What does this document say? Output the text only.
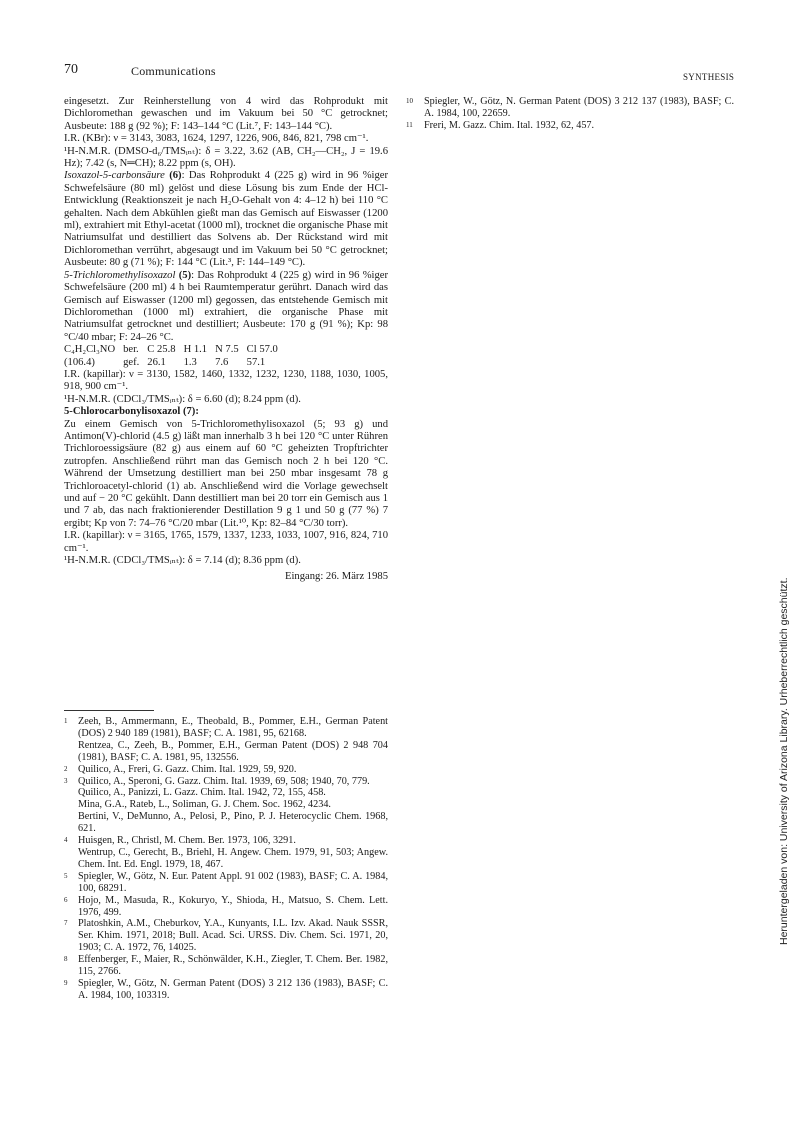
70	Communications	SYNTHESIS

eingesetzt. Zur Reinherstellung von 4 wird das Rohprodukt mit Dichloromethan gewaschen und im Vakuum bei 50 °C getrocknet; Ausbeute: 188 g (92 %); F: 143–144 °C (Lit.⁷, F: 143–144 °C).

I.R. (KBr): ν = 3143, 3083, 1624, 1297, 1226, 906, 846, 821, 798 cm⁻¹.

¹H-N.M.R. (DMSO-d₆/TMSᵢₙₜ): δ = 3.22, 3.62 (AB, CH₂—CH₂, J = 19.6 Hz); 7.42 (s, N═CH); 8.22 ppm (s, OH).

Isoxazol-5-carbonsäure (6): Das Rohprodukt 4 (225 g) wird in 96 %iger Schwefelsäure (80 ml) gelöst und diese Lösung bis zum Ende der HCl-Entwicklung (Reaktionszeit je nach H₂O-Gehalt von 4: 4–12 h) bei 110 °C gehalten. Nach dem Abkühlen gießt man das Gemisch auf Eiswasser (1200 ml), extrahiert mit Ethyl-acetat (1000 ml), trocknet die organische Phase mit Natriumsulfat und destilliert das Solvens ab. Der Rückstand wird mit Dichloromethan verrührt, abgesaugt und im Vakuum bei 50 °C getrocknet; Ausbeute: 80 g (71 %); F: 144 °C (Lit.³, F: 144–149 °C).

5-Trichloromethylisoxazol (5): Das Rohprodukt 4 (225 g) wird in 96 %iger Schwefelsäure (200 ml) 4 h bei Raumtemperatur gerührt. Danach wird das Gemisch auf Eiswasser (1200 ml) gegossen, das entstehende Gemisch mit Dichloromethan (1000 ml) extrahiert, die organische Phase mit Natriumsulfat getrocknet und destilliert; Ausbeute: 170 g (91 %); Kp: 98 °C/40 mbar; F: 24–26 °C.

C₄H₂Cl₃NO	ber.	C 25.8	H 1.1	N 7.5	Cl 57.0
(106.4)	gef.	26.1	1.3	7.6	57.1

I.R. (kapillar): ν = 3130, 1582, 1460, 1332, 1232, 1230, 1188, 1030, 1005, 918, 900 cm⁻¹.

¹H-N.M.R. (CDCl₃/TMSᵢₙₜ): δ = 6.60 (d); 8.24 ppm (d).

5-Chlorocarbonylisoxazol (7):

Zu einem Gemisch von 5-Trichloromethylisoxazol (5; 93 g) und Antimon(V)-chlorid (4.5 g) läßt man innerhalb 3 h bei 120 °C unter Rühren Trichloroessigsäure (82 g) aus einem auf 60 °C geheizten Tropftrichter zutropfen. Anschließend rührt man das Gemisch noch 2 h bei 120 °C. Während der Umsetzung destilliert man bei 250 mbar insgesamt 78 g Trichloroacetyl-chlorid (1) ab. Anschließend wird die Vorlage gewechselt und auf − 20 °C gekühlt. Dann destilliert man bei 20 torr ein Gemisch aus 1 und 7 ab, das nach fraktionierender Destillation 9 g 1 und 50 g (77 %) 7 ergibt; Kp von 7: 74–76 °C/20 mbar (Lit.¹⁰, Kp: 82–84 °C/30 torr).

I.R. (kapillar): ν = 3165, 1765, 1579, 1337, 1233, 1033, 1007, 916, 824, 710 cm⁻¹.

¹H-N.M.R. (CDCl₃/TMSᵢₙₜ): δ = 7.14 (d); 8.36 ppm (d).

Eingang: 26. März 1985

10 Spiegler, W., Götz, N. German Patent (DOS) 3 212 137 (1983), BASF; C. A. 1984, 100, 22659.
11 Freri, M. Gazz. Chim. Ital. 1932, 62, 457.
1 Zeeh, B., Ammermann, E., Theobald, B., Pommer, E.H., German Patent (DOS) 2 940 189 (1981), BASF; C. A. 1981, 95, 62168.
Rentzea, C., Zeeh, B., Pommer, E.H., German Patent (DOS) 2 948 704 (1981), BASF; C. A. 1981, 95, 132556.
2 Quilico, A., Freri, G. Gazz. Chim. Ital. 1929, 59, 920.
3 Quilico, A., Speroni, G. Gazz. Chim. Ital. 1939, 69, 508; 1940, 70, 779.
Quilico, A., Panizzi, L. Gazz. Chim. Ital. 1942, 72, 155, 458.
Mina, G.A., Rateb, L., Soliman, G. J. Chem. Soc. 1962, 4234.
Bertini, V., DeMunno, A., Pelosi, P., Pino, P. J. Heterocyclic Chem. 1968, 621.
4 Huisgen, R., Christl, M. Chem. Ber. 1973, 106, 3291.
Wentrup, C., Gerecht, B., Briehl, H. Angew. Chem. 1979, 91, 503; Angew. Chem. Int. Ed. Engl. 1979, 18, 467.
5 Spiegler, W., Götz, N. Eur. Patent Appl. 91 002 (1983), BASF; C. A. 1984, 100, 68291.
6 Hojo, M., Masuda, R., Kokuryo, Y., Shioda, H., Matsuo, S. Chem. Lett. 1976, 499.
7 Platoshkin, A.M., Cheburkov, Y.A., Kunyants, I.L. Izv. Akad. Nauk SSSR, Ser. Khim. 1971, 2018; Bull. Acad. Sci. URSS. Div. Chem. Sci. 1971, 20, 1903; C. A. 1972, 76, 14025.
8 Effenberger, F., Maier, R., Schönwälder, K.H., Ziegler, T. Chem. Ber. 1982, 115, 2766.
9 Spiegler, W., Götz, N. German Patent (DOS) 3 212 136 (1983), BASF; C. A. 1984, 100, 103319.
Heruntergeladen von: University of Arizona Library. Urheberrechtlich geschützt.
